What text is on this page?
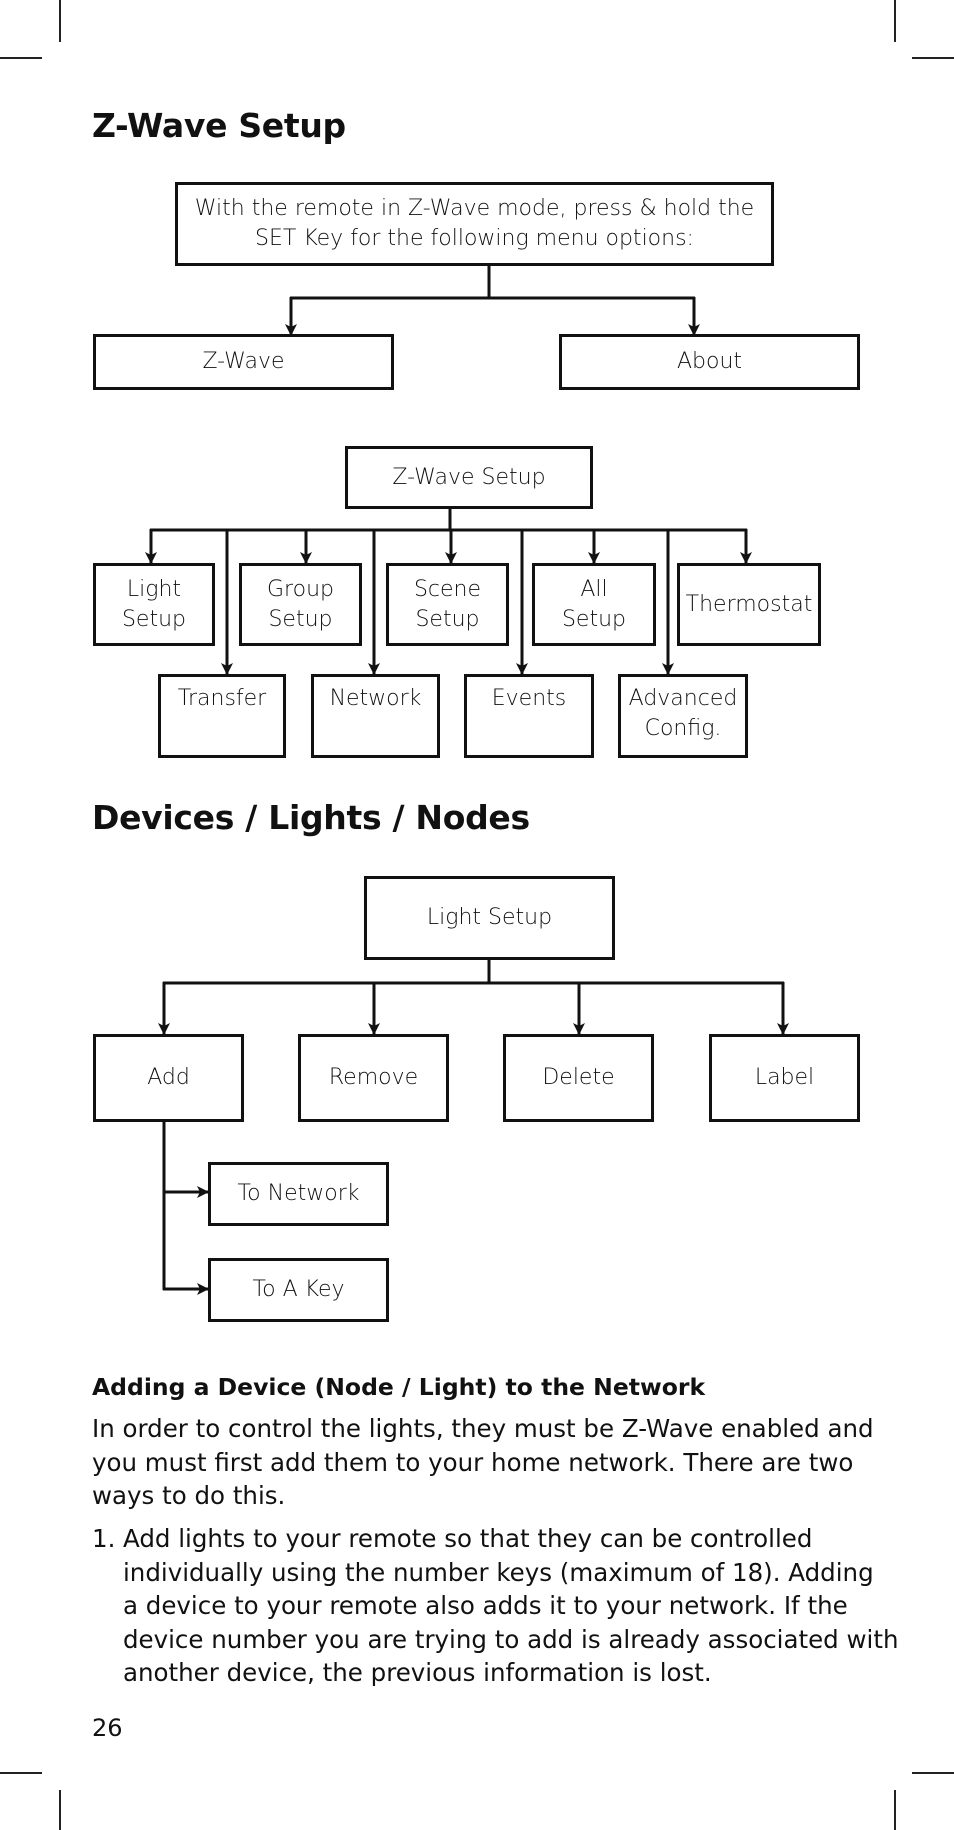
Z-Wave Setup
With the remote in Z-Wave mode, press & hold the
SET Key for the following menu options:
Z-Wave	About
Z-Wave Setup
Light
Setup
Group
Setup
Scene
Setup
All
Setup
Thermostat
Transfer	Network	Events	Advanced
Config.
Devices / Lights / Nodes
Light Setup
Add	Remove	Delete	Label
To Network
To A Key
Adding a Device (Node / Light) to the Network
In order to control the lights, they must be Z-Wave enabled and
you must first add them to your home network. There are two
ways to do this.
1. Add lights to your remote so that they can be controlled
individually using the number keys (maximum of 18). Adding
a device to your remote also adds it to your network. If the
device number you are trying to add is already associated with
another device, the previous information is lost.
26
